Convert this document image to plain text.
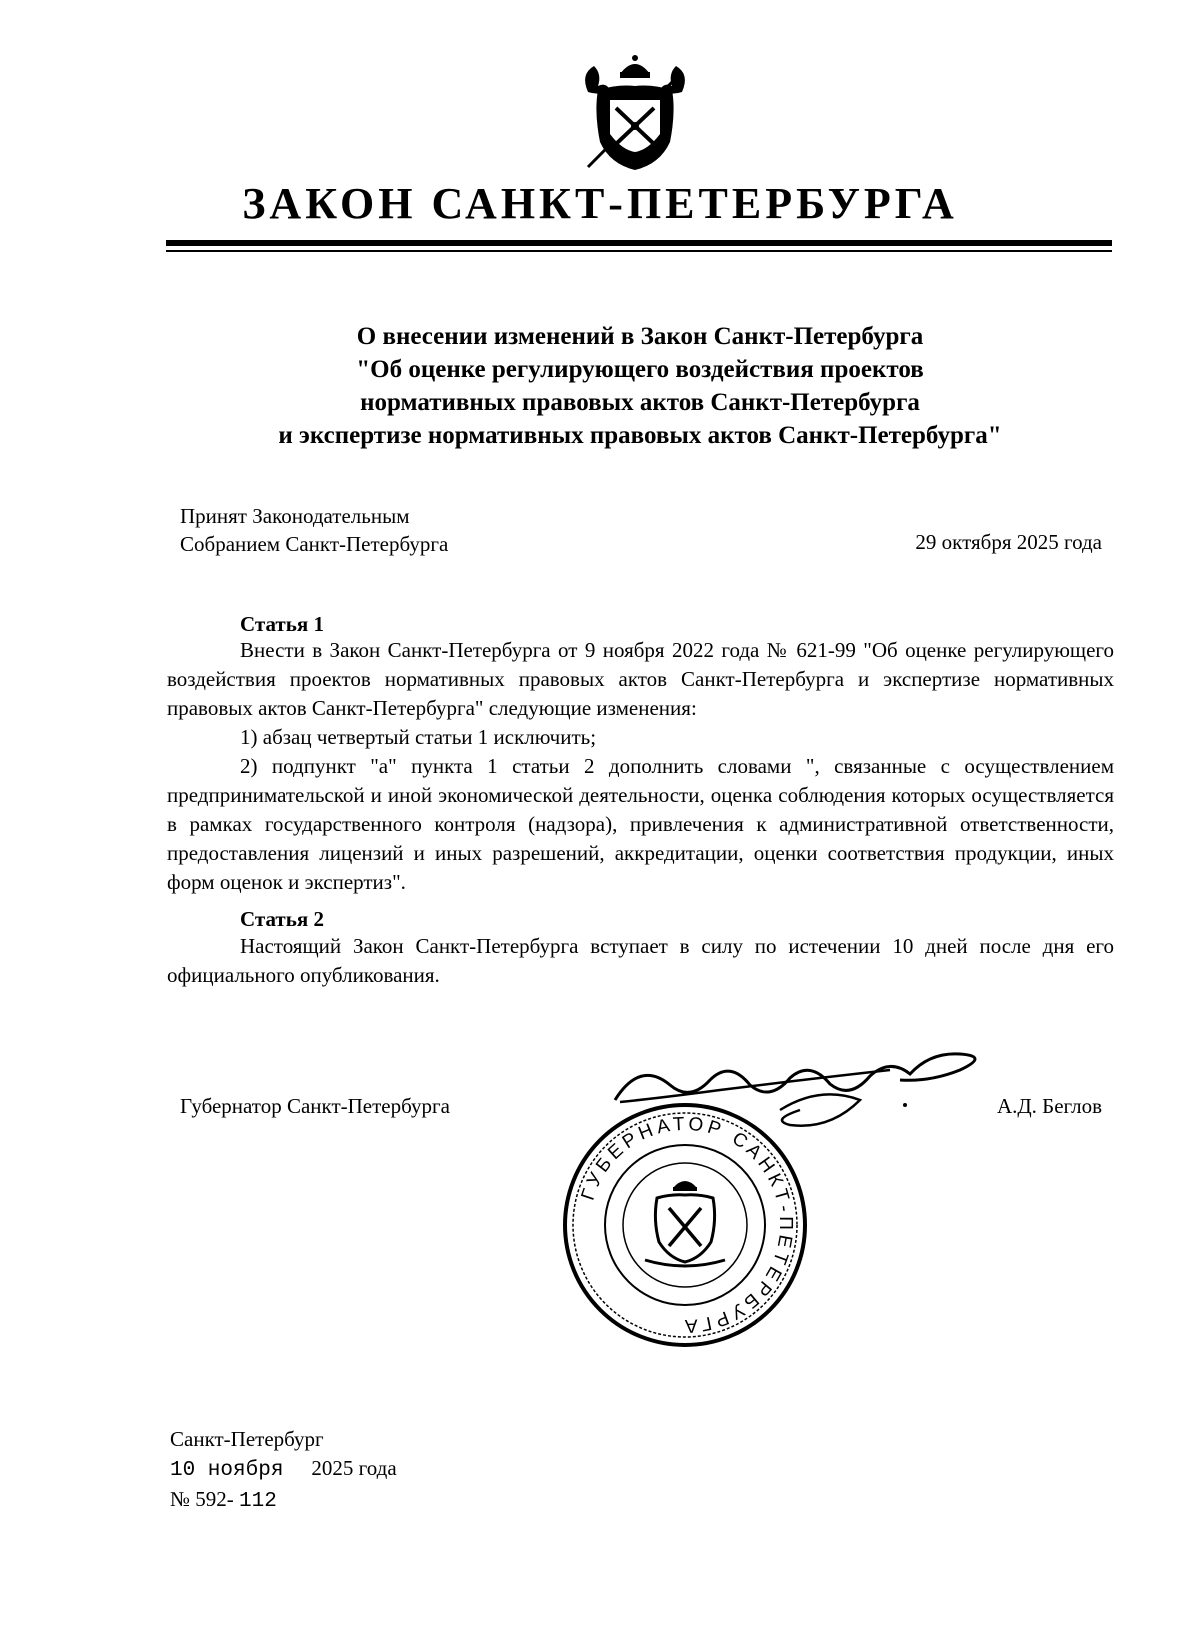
ЗАКОН САНКТ-ПЕТЕРБУРГА
О внесении изменений в Закон Санкт-Петербурга
"Об оценке регулирующего воздействия проектов
нормативных правовых актов Санкт-Петербурга
и экспертизе нормативных правовых актов Санкт-Петербурга"
Принят Законодательным
Собранием Санкт-Петербурга	29 октября 2025 года
Статья 1

Внести в Закон Санкт-Петербурга от 9 ноября 2022 года № 621-99 "Об оценке регулирующего воздействия проектов нормативных правовых актов Санкт-Петербурга и экспертизе нормативных правовых актов Санкт-Петербурга" следующие изменения:

1) абзац четвертый статьи 1 исключить;

2) подпункт "а" пункта 1 статьи 2 дополнить словами ", связанные с осуществлением предпринимательской и иной экономической деятельности, оценка соблюдения которых осуществляется в рамках государственного контроля (надзора), привлечения к административной ответственности, предоставления лицензий и иных разрешений, аккредитации, оценки соответствия продукции, иных форм оценок и экспертиз".

Статья 2

Настоящий Закон Санкт-Петербурга вступает в силу по истечении 10 дней после дня его официального опубликования.

Губернатор Санкт-Петербурга	А.Д. Беглов
ГУБЕРНАТОР САНКТ-ПЕТЕРБУРГА
Санкт-Петербург
10 ноября 2025 года
№ 592- 112
